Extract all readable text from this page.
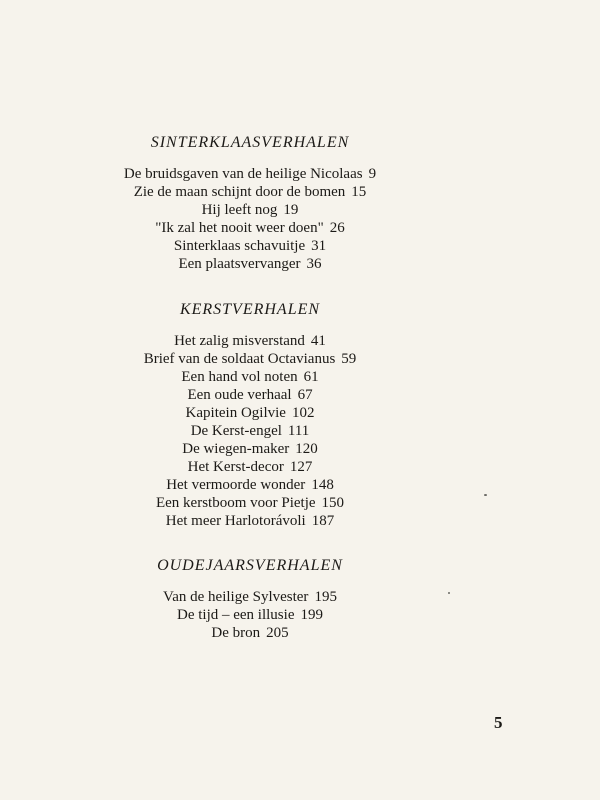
SINTERKLAASVERHALEN
De bruidsgaven van de heilige Nicolaas 9
Zie de maan schijnt door de bomen 15
Hij leeft nog 19
"Ik zal het nooit weer doen" 26
Sinterklaas schavuitje 31
Een plaatsvervanger 36
KERSTVERHALEN
Het zalig misverstand 41
Brief van de soldaat Octavianus 59
Een hand vol noten 61
Een oude verhaal 67
Kapitein Ogilvie 102
De Kerst-engel 111
De wiegen-maker 120
Het Kerst-decor 127
Het vermoorde wonder 148
Een kerstboom voor Pietje 150
Het meer Harlotorávoli 187
OUDEJAARSVERHALEN
Van de heilige Sylvester 195
De tijd – een illusie 199
De bron 205
5
